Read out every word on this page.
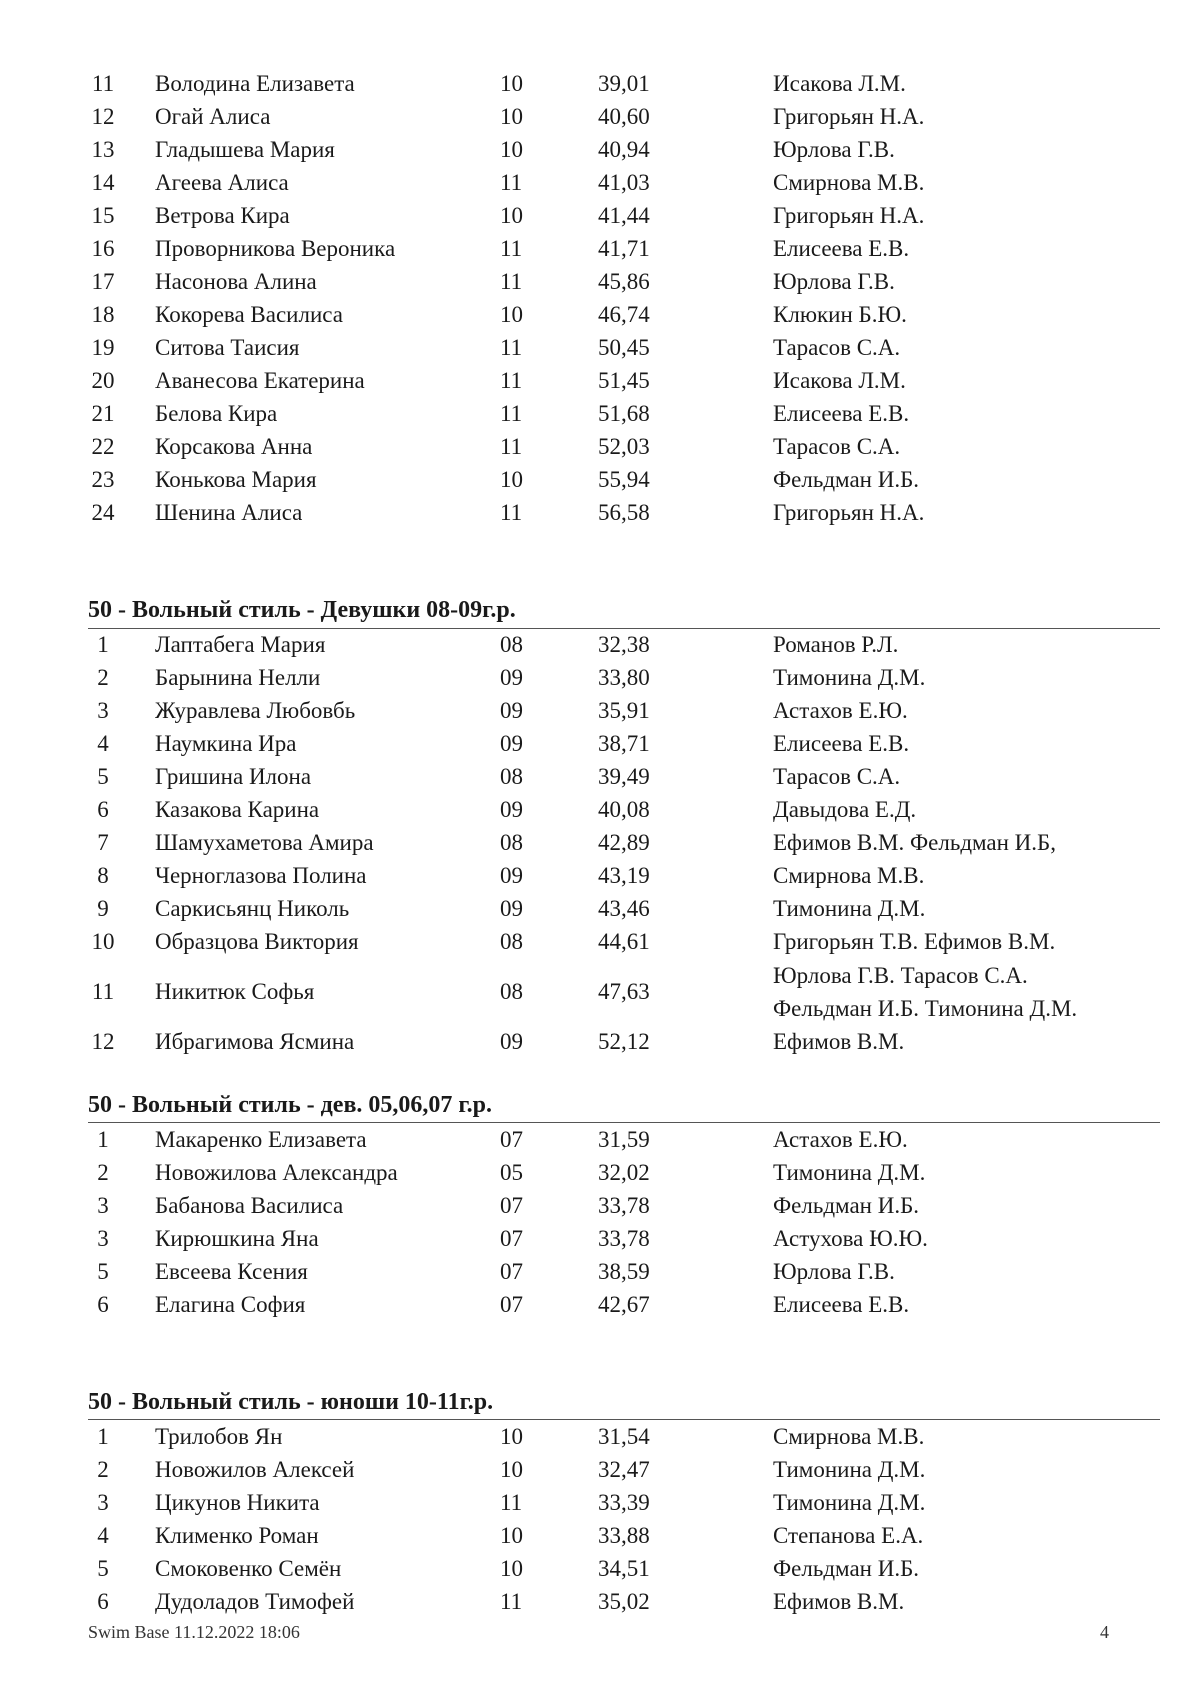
11	Володина Елизавета	10	39,01	Исакова Л.М.
12	Огай Алиса	10	40,60	Григорьян Н.А.
13	Гладышева Мария	10	40,94	Юрлова Г.В.
14	Агеева Алиса	11	41,03	Смирнова М.В.
15	Ветрова Кира	10	41,44	Григорьян Н.А.
16	Проворникова Вероника	11	41,71	Елисеева Е.В.
17	Насонова Алина	11	45,86	Юрлова Г.В.
18	Кокорева Василиса	10	46,74	Клюкин Б.Ю.
19	Ситова Таисия	11	50,45	Тарасов С.А.
20	Аванесова Екатерина	11	51,45	Исакова Л.М.
21	Белова Кира	11	51,68	Елисеева Е.В.
22	Корсакова Анна	11	52,03	Тарасов С.А.
23	Конькова Мария	10	55,94	Фельдман И.Б.
24	Шенина Алиса	11	56,58	Григорьян Н.А.
50 - Вольный стиль - Девушки 08-09г.р.
1	Лаптабега Мария	08	32,38	Романов Р.Л.
2	Барынина Нелли	09	33,80	Тимонина Д.М.
3	Журавлева Любовбь	09	35,91	Астахов Е.Ю.
4	Наумкина Ира	09	38,71	Елисеева Е.В.
5	Гришина Илона	08	39,49	Тарасов С.А.
6	Казакова Карина	09	40,08	Давыдова Е.Д.
7	Шамухаметова Амира	08	42,89	Ефимов В.М. Фельдман И.Б,
8	Черноглазова Полина	09	43,19	Смирнова М.В.
9	Саркисьянц Николь	09	43,46	Тимонина Д.М.
10	Образцова Виктория	08	44,61	Григорьян Т.В. Ефимов В.М.
11	Никитюк Софья	08	47,63
Юрлова Г.В. Тарасов С.А.
Фельдман И.Б. Тимонина Д.М.
12	Ибрагимова Ясмина	09	52,12	Ефимов В.М.
50 - Вольный стиль - дев. 05,06,07 г.р.
1	Макаренко Елизавета	07	31,59	Астахов Е.Ю.
2	Новожилова Александра	05	32,02	Тимонина Д.М.
3	Бабанова Василиса	07	33,78	Фельдман И.Б.
3	Кирюшкина Яна	07	33,78	Астухова Ю.Ю.
5	Евсеева Ксения	07	38,59	Юрлова Г.В.
6	Елагина София	07	42,67	Елисеева Е.В.
50 - Вольный стиль - юноши 10-11г.р.
1	Трилобов Ян	10	31,54	Смирнова М.В.
2	Новожилов Алексей	10	32,47	Тимонина Д.М.
3	Цикунов Никита	11	33,39	Тимонина Д.М.
4	Клименко Роман	10	33,88	Степанова Е.А.
5	Смоковенко Семён	10	34,51	Фельдман И.Б.
6	Дудоладов Тимофей	11	35,02	Ефимов В.М.
Swim Base 11.12.2022 18:06	4
